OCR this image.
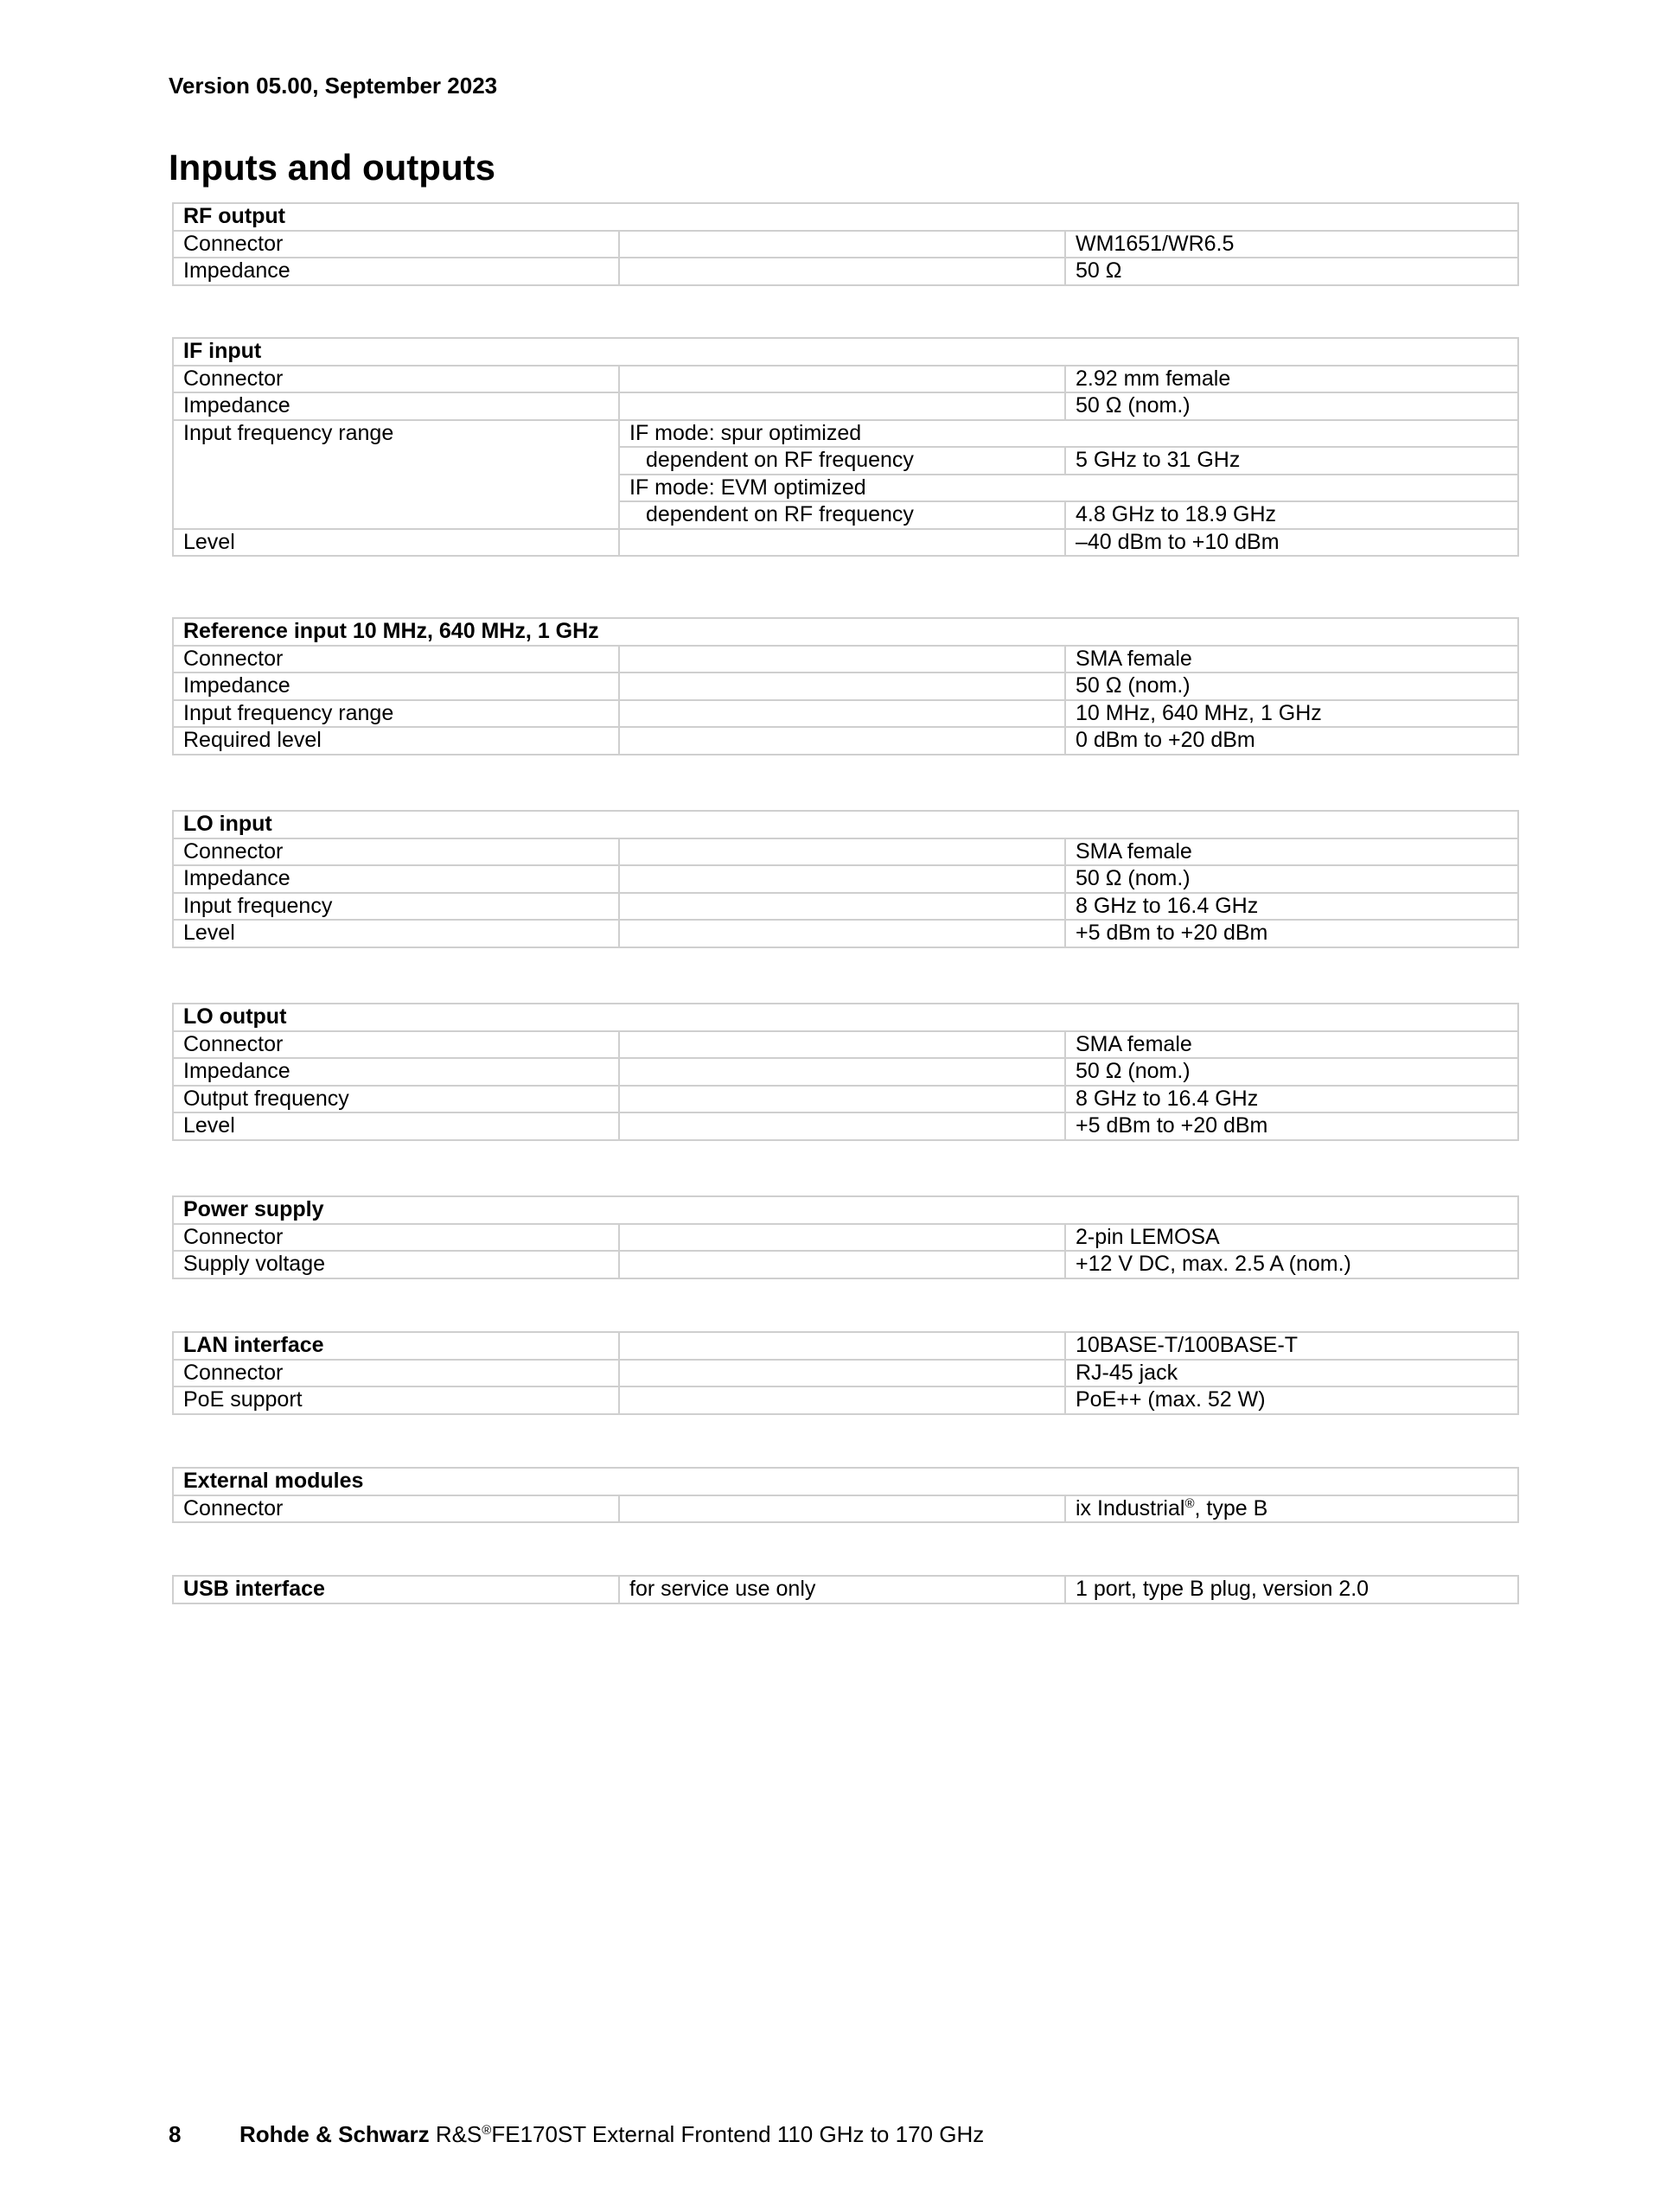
Version 05.00, September 2023
Inputs and outputs
RF output		
Connector		WM1651/WR6.5
Impedance		50 Ω
IF input		
Connector		2.92 mm female
Impedance		50 Ω (nom.)
Input frequency range	IF mode: spur optimized	
	dependent on RF frequency	5 GHz to 31 GHz
	IF mode: EVM optimized	
	dependent on RF frequency	4.8 GHz to 18.9 GHz
Level		–40 dBm to +10 dBm
Reference input 10 MHz, 640 MHz, 1 GHz		
Connector		SMA female
Impedance		50 Ω (nom.)
Input frequency range		10 MHz, 640 MHz, 1 GHz
Required level		0 dBm to +20 dBm
LO input		
Connector		SMA female
Impedance		50 Ω (nom.)
Input frequency		8 GHz to 16.4 GHz
Level		+5 dBm to +20 dBm
LO output		
Connector		SMA female
Impedance		50 Ω (nom.)
Output frequency		8 GHz to 16.4 GHz
Level		+5 dBm to +20 dBm
Power supply		
Connector		2-pin LEMOSA
Supply voltage		+12 V DC, max. 2.5 A (nom.)
LAN interface		10BASE-T/100BASE-T
Connector		RJ-45 jack
PoE support		PoE++ (max. 52 W)
External modules
Connector		ix Industrial®, type B
USB interface	for service use only	1 port, type B plug, version 2.0
8	Rohde & Schwarz R&S®FE170ST External Frontend 110 GHz to 170 GHz
